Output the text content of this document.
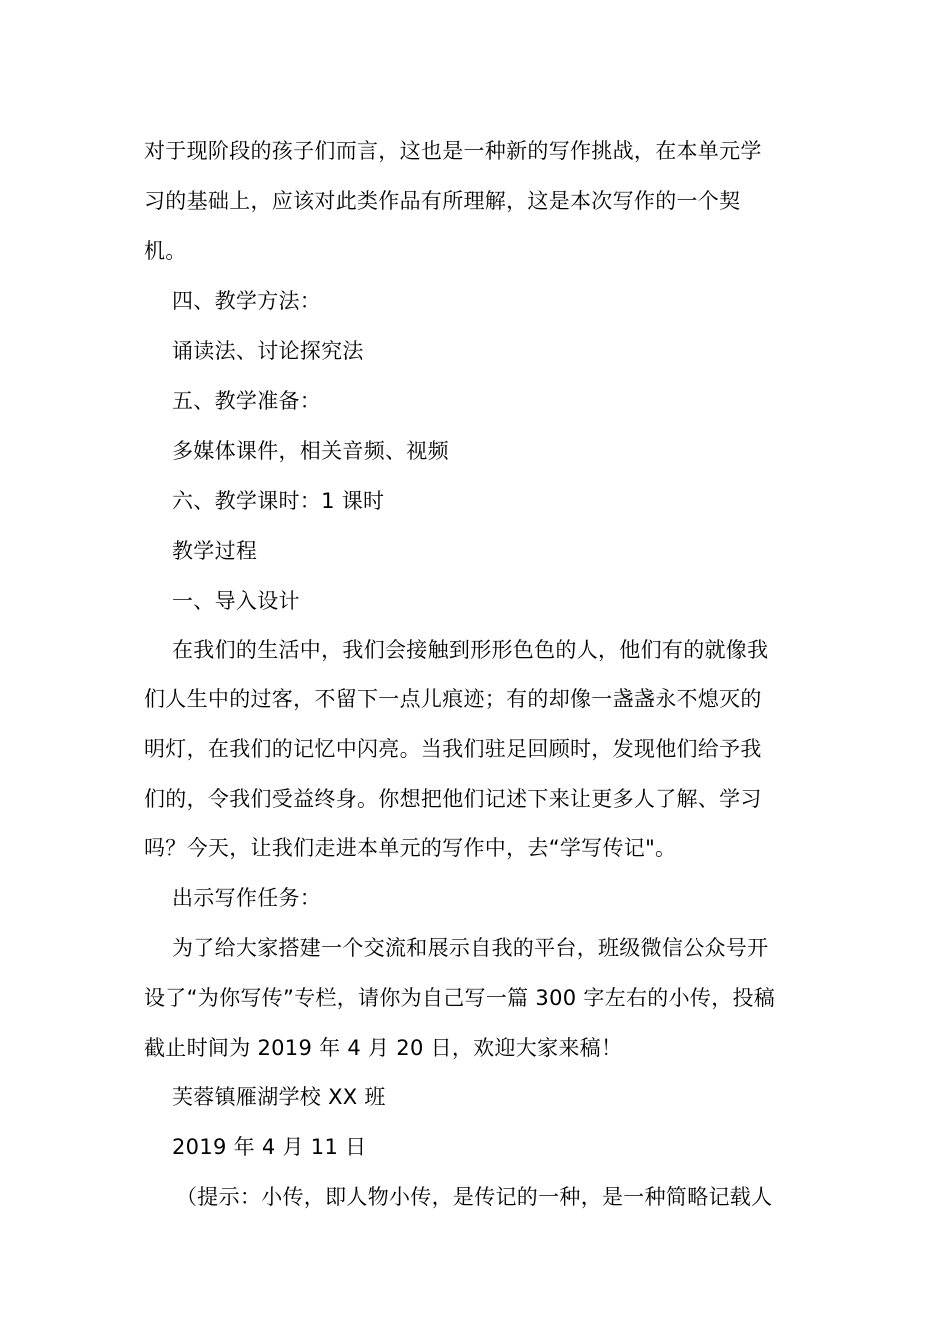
对于现阶段的孩子们而言，这也是一种新的写作挑战，在本单元学
习的基础上，应该对此类作品有所理解，这是本次写作的一个契
机。
四、教学方法：
诵读法、讨论探究法
五、教学准备：
多媒体课件，相关音频、视频
六、教学课时：1 课时
教学过程
一、导入设计
在我们的生活中，我们会接触到形形色色的人，他们有的就像我
们人生中的过客，不留下一点儿痕迹；有的却像一盏盏永不熄灭的
明灯，在我们的记忆中闪亮。当我们驻足回顾时，发现他们给予我
们的，令我们受益终身。你想把他们记述下来让更多人了解、学习
吗？今天，让我们走进本单元的写作中，去“学写传记"。
出示写作任务：
为了给大家搭建一个交流和展示自我的平台，班级微信公众号开
设了“为你写传”专栏，请你为自己写一篇 300 字左右的小传，投稿
截止时间为 2019 年 4 月 20 日，欢迎大家来稿！
芙蓉镇雁湖学校 XX 班
2019 年 4 月 11 日
（提示：小传，即人物小传，是传记的一种，是一种简略记载人
